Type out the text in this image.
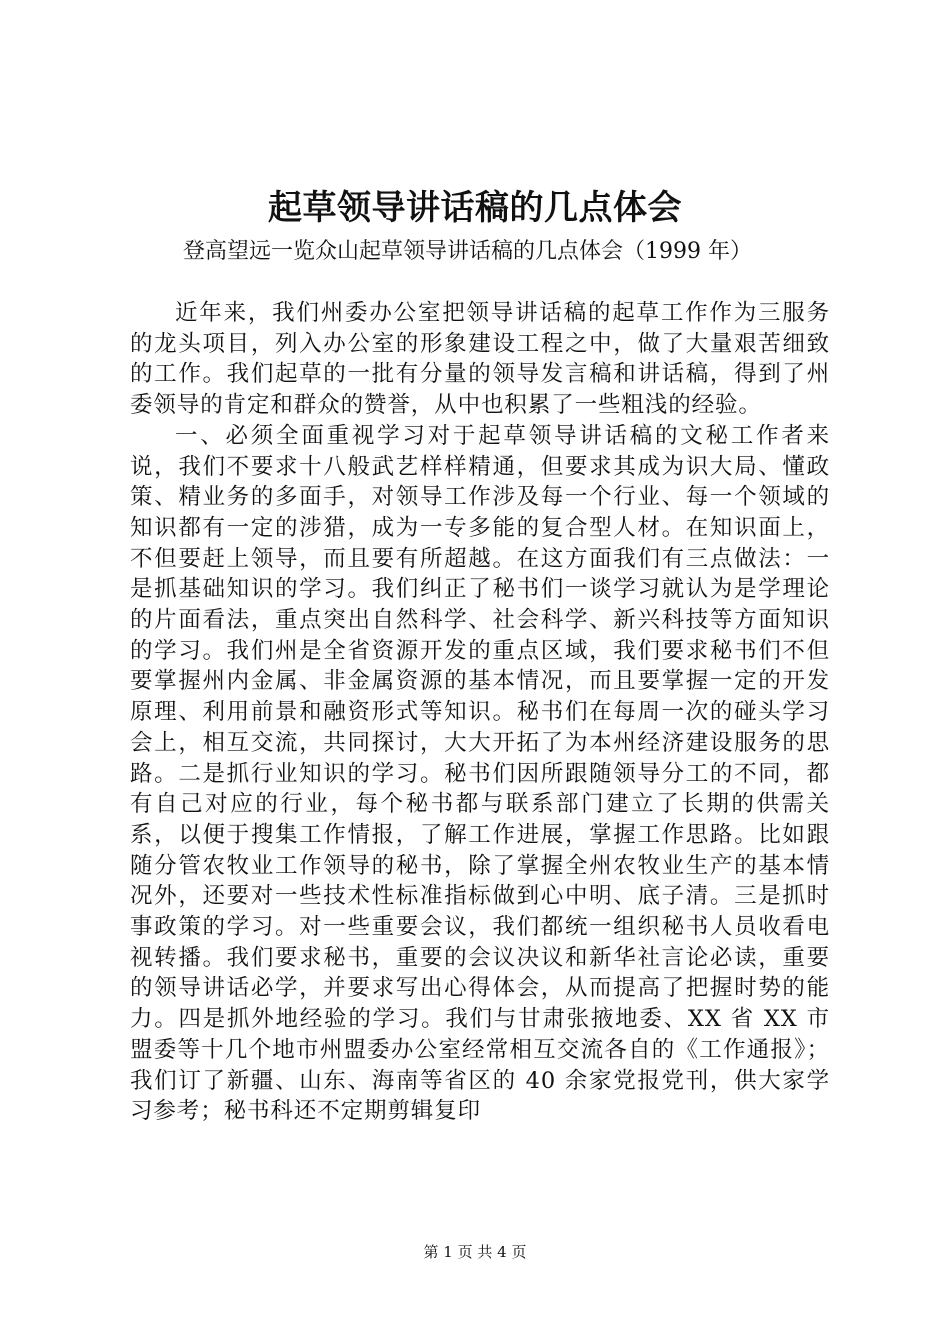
起草领导讲话稿的几点体会
登高望远一览众山起草领导讲话稿的几点体会（1999 年）

近年来，我们州委办公室把领导讲话稿的起草工作作为三服务的龙头项目，列入办公室的形象建设工程之中，做了大量艰苦细致的工作。我们起草的一批有分量的领导发言稿和讲话稿，得到了州委领导的肯定和群众的赞誉，从中也积累了一些粗浅的经验。

一、必须全面重视学习对于起草领导讲话稿的文秘工作者来说，我们不要求十八般武艺样样精通，但要求其成为识大局、懂政策、精业务的多面手，对领导工作涉及每一个行业、每一个领域的知识都有一定的涉猎，成为一专多能的复合型人材。在知识面上，不但要赶上领导，而且要有所超越。在这方面我们有三点做法：一是抓基础知识的学习。我们纠正了秘书们一谈学习就认为是学理论的片面看法，重点突出自然科学、社会科学、新兴科技等方面知识的学习。我们州是全省资源开发的重点区域，我们要求秘书们不但要掌握州内金属、非金属资源的基本情况，而且要掌握一定的开发原理、利用前景和融资形式等知识。秘书们在每周一次的碰头学习会上，相互交流，共同探讨，大大开拓了为本州经济建设服务的思路。二是抓行业知识的学习。秘书们因所跟随领导分工的不同，都有自己对应的行业，每个秘书都与联系部门建立了长期的供需关系，以便于搜集工作情报，了解工作进展，掌握工作思路。比如跟随分管农牧业工作领导的秘书，除了掌握全州农牧业生产的基本情况外，还要对一些技术性标准指标做到心中明、底子清。三是抓时事政策的学习。对一些重要会议，我们都统一组织秘书人员收看电视转播。我们要求秘书，重要的会议决议和新华社言论必读，重要的领导讲话必学，并要求写出心得体会，从而提高了把握时势的能力。四是抓外地经验的学习。我们与甘肃张掖地委、XX 省 XX 市盟委等十几个地市州盟委办公室经常相互交流各自的《工作通报》；我们订了新疆、山东、海南等省区的 40 余家党报党刊，供大家学习参考；秘书科还不定期剪辑复印

第 1 页 共 4 页
